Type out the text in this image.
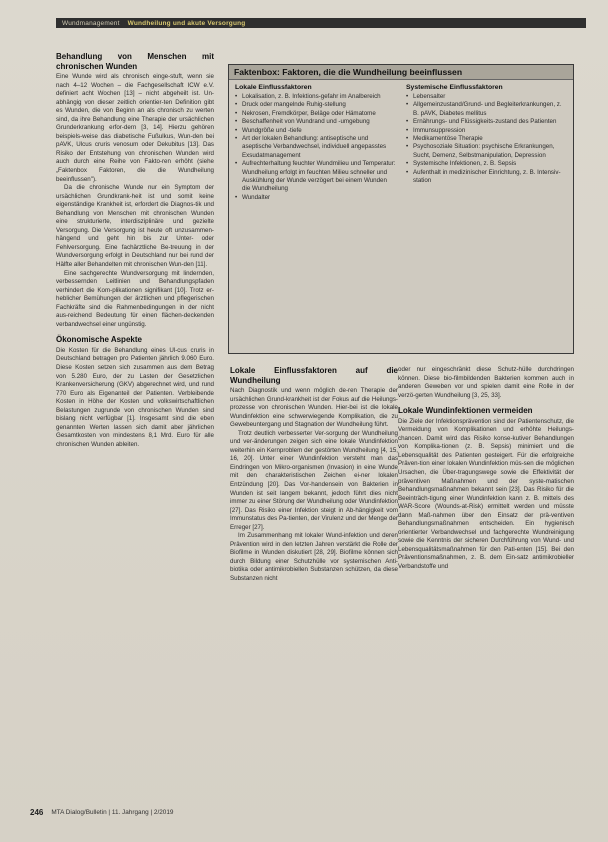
Wundmanagement	Wundheilung und akute Versorgung
Behandlung von Menschen mit chronischen Wunden

Eine Wunde wird als chronisch einge-stuft, wenn sie nach 4–12 Wochen – die Fachgesellschaft ICW e.V. definiert acht Wochen [13] – nicht abgeheilt ist. Un-abhängig von dieser zeitlich orientier-ten Definition gibt es Wunden, die von Beginn an als chronisch zu werten sind, da ihre Behandlung eine Therapie der ursächlichen Grunderkrankung erfor-dern [3, 14]. Hierzu gehören beispiels-weise das diabetische Fußulkus, Wun-den bei pAVK, Ulcus cruris venosum oder Dekubitus [13]. Das Risiko der Entstehung von chronischen Wunden wird auch durch eine Reihe von Fakto-ren erhöht (siehe „Faktenbox Faktoren, die die Wundheilung beeinflussen").

Da die chronische Wunde nur ein Symptom der ursächlichen Grundkrank-heit ist und somit keine eigenständige Krankheit ist, erfordert die Diagnos-tik und Behandlung von Menschen mit chronischen Wunden eine strukturierte, interdisziplinäre und gezielte Versorgung. Die Versorgung ist heute oft unzusammen-hängend und geht hin bis zur Unter- oder Fehlversorgung. Eine fachärztliche Be-treuung in der Wundversorgung erfolgt in Deutschland nur bei rund der Hälfte aller Behandelten mit chronischen Wun-den [11].

Eine sachgerechte Wundversorgung mit lindernden, verbessernden Leitlinien und Behandlungspfaden verhindert die Kom-plikationen signifikant [10]. Trotz er-heblicher Bemühungen der ärztlichen und pflegerischen Fachkräfte sind die Rahmenbedingungen in der nicht aus-reichend Bedeutung für einen flächen-deckenden verbandwechsel einer ungünstig.

Ökonomische Aspekte

Die Kosten für die Behandlung eines Ul-cus cruris in Deutschland betragen pro Patienten jährlich 9.060 Euro. Diese Kosten setzen sich zusammen aus dem Betrag von 5.280 Euro, der zu Lasten der Gesetzlichen Krankenversicherung (GKV) abgerechnet wird, und rund 770 Euro als Eigenanteil der Patienten. Verbleibende Kosten in Höhe der Kosten und volkswirtschaftlichen Belastungen zugrunde von chronischen Wunden sind bislang nicht verfügbar [1]. Insgesamt sind die eben genannten Werten lassen sich damit aber jährlichen Gesamtkosten von mindestens 8,1 Mrd. Euro für alle chronischen Wunden ableiten.

Faktenbox: Faktoren, die die Wundheilung beeinflussen
Lokale Einflussfaktoren
• Lokalisation, z. B. Infektions-gefahr im Analbereich
• Druck oder mangelnde Ruhig-stellung
• Nekrosen, Fremdkörper, Beläge oder Hämatome
• Beschaffenheit von Wundrand und -umgebung
• Wundgröße und -tiefe
• Art der lokalen Behandlung: antiseptische und aseptische Verbandwechsel, individuell angepasstes Exsudatmanagement
• Aufrechterhaltung feuchter Wundmilieu und Temperatur: Wundheilung erfolgt im feuchten Milieu schneller und Auskühlung der Wunde verzögert bei einem Wunden die Wundheilung
• Wundalter
Systemische Einflussfaktoren
• Lebensalter
• Allgemeinzustand/Grund- und Begleiterkrankungen, z. B. pAVK, Diabetes mellitus
• Ernährungs- und Flüssigkeits-zustand des Patienten
• Immunsuppression
• Medikamentöse Therapie
• Psychosoziale Situation: psychische Erkrankungen, Sucht, Demenz, Selbstmanipulation, Depression
• Systemische Infektionen, z. B. Sepsis
• Aufenthalt in medizinischer Einrichtung, z. B. Intensiv-station
Lokale Einflussfaktoren auf die Wundheilung

Nach Diagnostik und wenn möglich de-ren Therapie der ursächlichen Grund-krankheit ist der Fokus auf die Heilungs-prozesse von chronischen Wunden. Hier-bei ist die lokale Wundinfektion eine schwerwiegende Komplikation, die zu Gewebeuntergang und Stagnation der Wundheilung führt.

Trotz deutlich verbesserter Ver-sorgung der Wundheilung und ver-änderungen zeigen sich eine lokale Wundinfektion weiterhin ein Kernproblem der gestörten Wundheilung [4, 15, 16, 20]. Unter einer Wundinfektion versteht man das Eindringen von Mikro-organismen (Invasion) in eine Wunde mit den charakteristischen Zeichen ei-ner lokalen Entzündung [20]. Das Vor-handensein von Bakterien in Wunden ist seit langem bekannt, jedoch führt dies nicht immer zu einer Störung der Wundheilung oder Wundinfektion [27]. Das Risiko einer Infektion steigt in Ab-hängigkeit vom Immunstatus des Pa-tienten, der Virulenz und der Menge der Erreger [27].

Im Zusammenhang mit lokaler Wund-infektion und deren Prävention wird in den letzten Jahren verstärkt die Rolle der Biofilme in Wunden diskutiert [28, 29]. Biofilme können sich durch Bildung einer Schutzhülle vor systemischen Anti-biotika oder antimikrobiellen Substanzen schützen, da diese Substanzen nicht

oder nur eingeschränkt diese Schutz-hülle durchdringen können. Diese bio-filmbildenden Bakterien kommen auch in anderen Geweben vor und spielen damit eine Rolle in der verzö-gerten Wundheilung [3, 25, 33].

Lokale Wundinfektionen vermeiden

Die Ziele der Infektionsprävention sind der Patientenschutz, die Vermeidung von Komplikationen und erhöhte Heilungs-chancen. Damit wird das Risiko konse-kutiver Behandlungen von Komplika-tionen (z. B. Sepsis) minimiert und die Lebensqualität des Patienten gesteigert. Für die erfolgreiche Präven-tion einer lokalen Wundinfektion müs-sen die möglichen Ursachen, die Über-tragungswege sowie die Effektivität der präventiven Maßnahmen und der syste-matischen Behandlungsmaßnahmen bekannt sein [23]. Das Risiko für die Beeinträch-tigung einer Wundinfektion kann z. B. mittels des WAR-Score (Wounds-at-Risk) ermittelt werden und müsste dann Maß-nahmen über den Einsatz der prä-ventiven Behandlungsmaßnahmen entscheiden. Ein hygienisch orientierter Verbandwechsel und fachgerechte Wundreinigung sowie die Kenntnis der sicheren Durchführung von Wund- und Lebensqualitätsmaßnahmen für den Pati-enten [15]. Bei den Präventionsmaßnahmen, z. B. dem Ein-satz antimikrobieller Verbandstoffe und

246 MTA Dialog/Bulletin | 11. Jahrgang | 2/2019
